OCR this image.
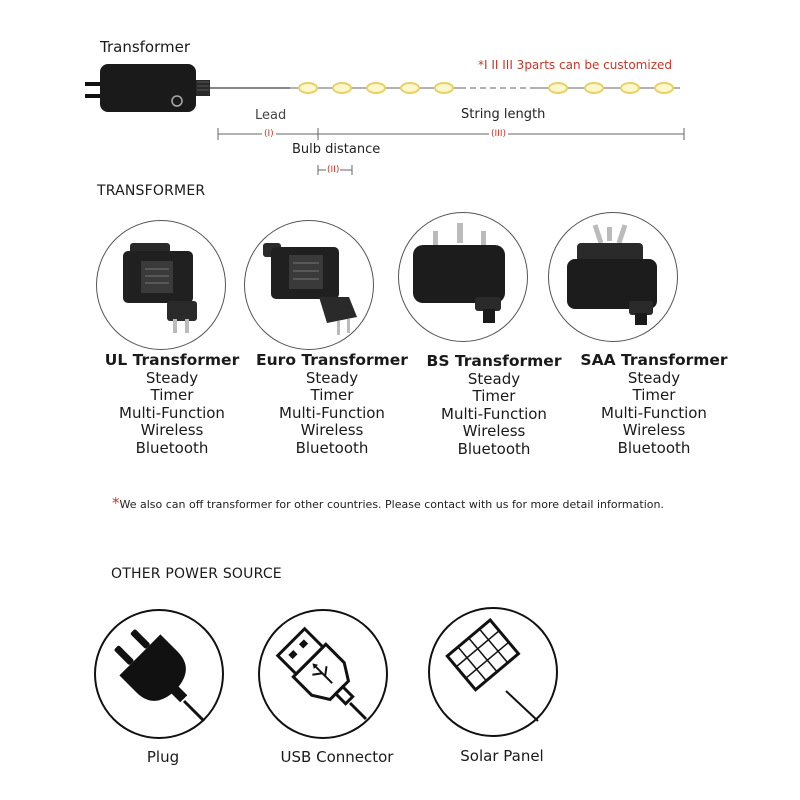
Transformer
*I II III 3parts can be customized
Lead
(I)
String length
(III)
Bulb distance
(II)
TRANSFORMER
UL Transformer
Steady
Timer
Multi-Function
Wireless
Bluetooth
Euro Transformer
Steady
Timer
Multi-Function
Wireless
Bluetooth
BS Transformer
Steady
Timer
Multi-Function
Wireless
Bluetooth
SAA Transformer
Steady
Timer
Multi-Function
Wireless
Bluetooth
*We also can off transformer for other countries. Please contact with us for more detail information.
OTHER POWER SOURCE
Plug	USB Connector	Solar Panel
